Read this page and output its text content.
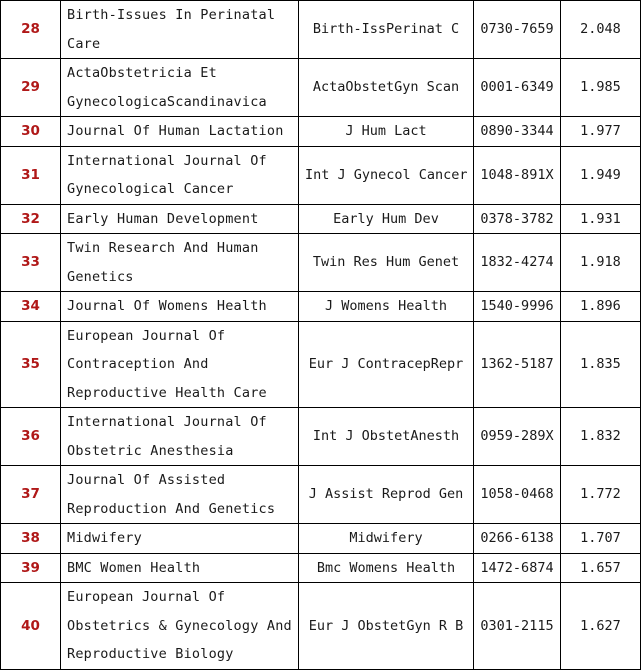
28	Birth-Issues In Perinatal Care	Birth-IssPerinat C	0730-7659	2.048
29	ActaObstetricia Et GynecologicaScandinavica	ActaObstetGyn Scan	0001-6349	1.985
30	Journal Of Human Lactation	J Hum Lact	0890-3344	1.977
31	International Journal Of Gynecological Cancer	Int J Gynecol Cancer	1048-891X	1.949
32	Early Human Development	Early Hum Dev	0378-3782	1.931
33	Twin Research And Human Genetics	Twin Res Hum Genet	1832-4274	1.918
34	Journal Of Womens Health	J Womens Health	1540-9996	1.896
35	European Journal Of Contraception And Reproductive Health Care	Eur J ContracepRepr	1362-5187	1.835
36	International Journal Of Obstetric Anesthesia	Int J ObstetAnesth	0959-289X	1.832
37	Journal Of Assisted Reproduction And Genetics	J Assist Reprod Gen	1058-0468	1.772
38	Midwifery	Midwifery	0266-6138	1.707
39	BMC Women Health	Bmc Womens Health	1472-6874	1.657
40	European Journal Of Obstetrics & Gynecology And Reproductive Biology	Eur J ObstetGyn R B	0301-2115	1.627
